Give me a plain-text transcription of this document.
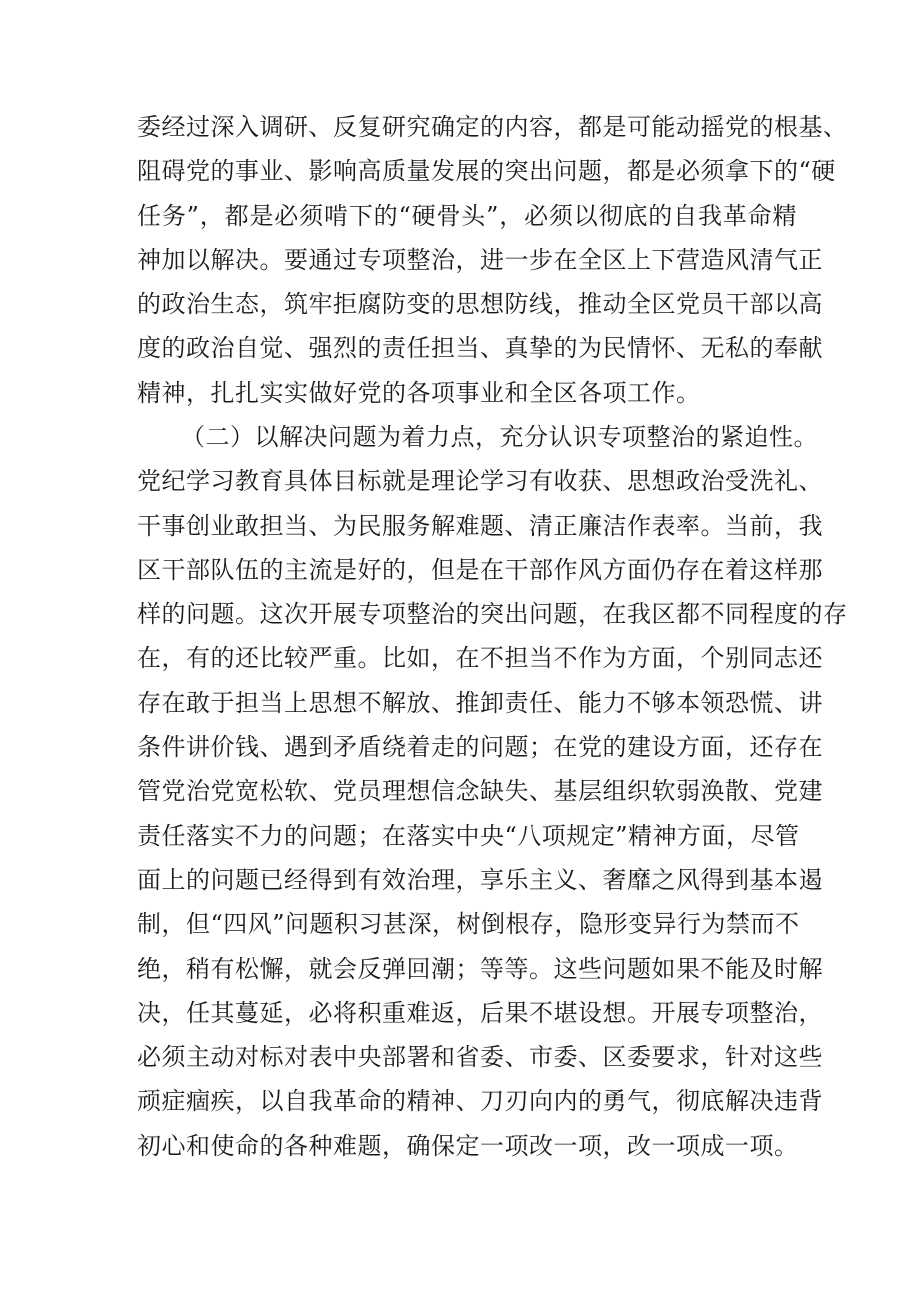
委经过深入调研、反复研究确定的内容，都是可能动摇党的根基、
阻碍党的事业、影响高质量发展的突出问题，都是必须拿下的“硬
任务”，都是必须啃下的“硬骨头”，必须以彻底的自我革命精
神加以解决。要通过专项整治，进一步在全区上下营造风清气正
的政治生态，筑牢拒腐防变的思想防线，推动全区党员干部以高
度的政治自觉、强烈的责任担当、真挚的为民情怀、无私的奉献
精神，扎扎实实做好党的各项事业和全区各项工作。
（二）以解决问题为着力点，充分认识专项整治的紧迫性。
党纪学习教育具体目标就是理论学习有收获、思想政治受洗礼、
干事创业敢担当、为民服务解难题、清正廉洁作表率。当前，我
区干部队伍的主流是好的，但是在干部作风方面仍存在着这样那
样的问题。这次开展专项整治的突出问题，在我区都不同程度的存
在，有的还比较严重。比如，在不担当不作为方面，个别同志还
存在敢于担当上思想不解放、推卸责任、能力不够本领恐慌、讲
条件讲价钱、遇到矛盾绕着走的问题；在党的建设方面，还存在
管党治党宽松软、党员理想信念缺失、基层组织软弱涣散、党建
责任落实不力的问题；在落实中央“八项规定”精神方面，尽管
面上的问题已经得到有效治理，享乐主义、奢靡之风得到基本遏
制，但“四风”问题积习甚深，树倒根存，隐形变异行为禁而不
绝，稍有松懈，就会反弹回潮；等等。这些问题如果不能及时解
决，任其蔓延，必将积重难返，后果不堪设想。开展专项整治，
必须主动对标对表中央部署和省委、市委、区委要求，针对这些
顽症痼疾，以自我革命的精神、刀刃向内的勇气，彻底解决违背
初心和使命的各种难题，确保定一项改一项，改一项成一项。
